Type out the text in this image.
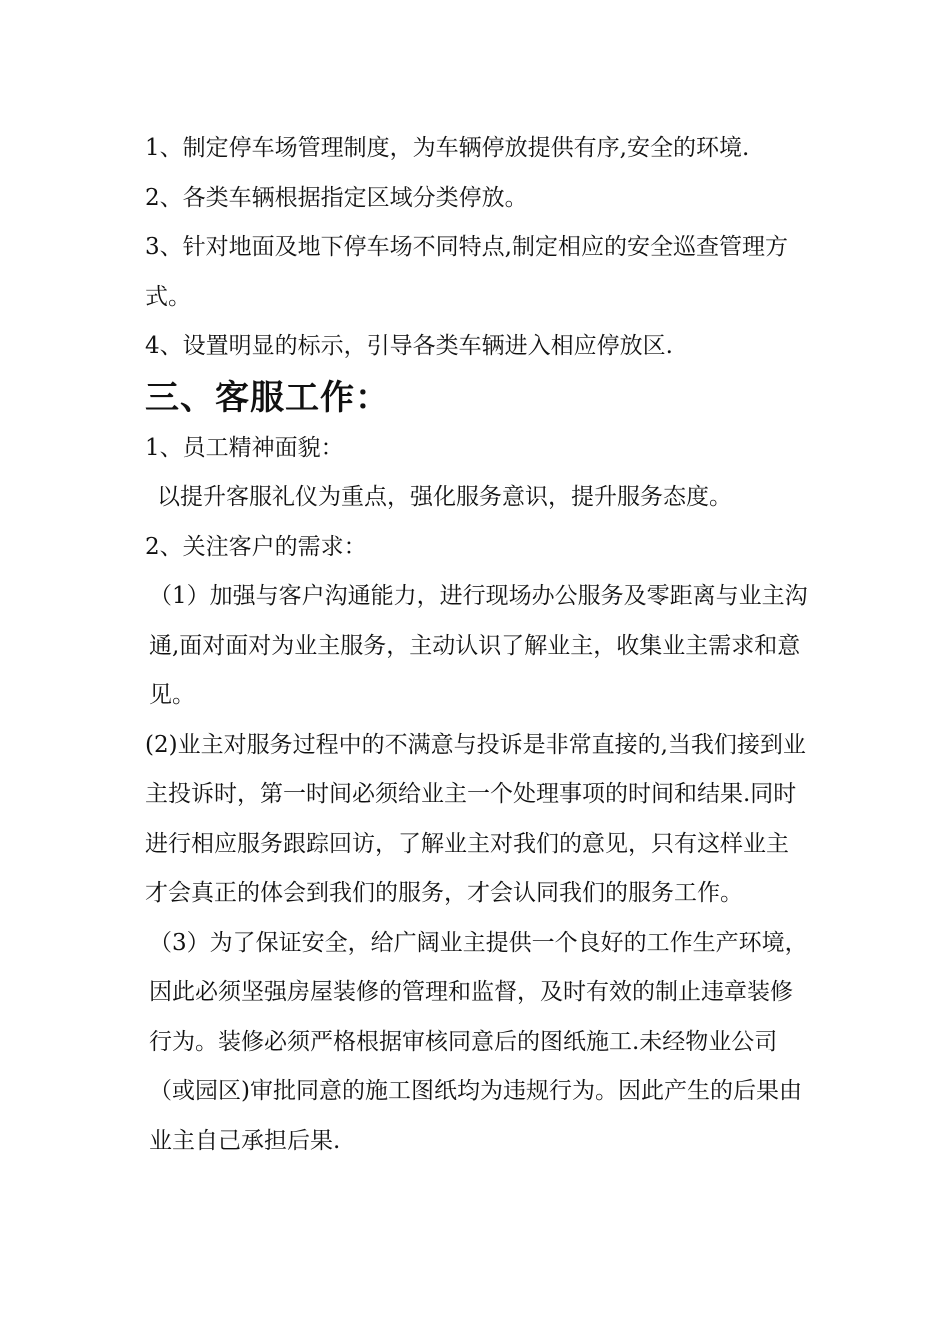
1、制定停车场管理制度，为车辆停放提供有序,安全的环境.

2、各类车辆根据指定区域分类停放。

3、针对地面及地下停车场不同特点,制定相应的安全巡查管理方式。

4、设置明显的标示，引导各类车辆进入相应停放区.

三、客服工作：

1、员工精神面貌：

以提升客服礼仪为重点，强化服务意识，提升服务态度。

2、关注客户的需求：

（1）加强与客户沟通能力，进行现场办公服务及零距离与业主沟通,面对面对为业主服务，主动认识了解业主，收集业主需求和意见。

(2)业主对服务过程中的不满意与投诉是非常直接的,当我们接到业主投诉时，第一时间必须给业主一个处理事项的时间和结果.同时进行相应服务跟踪回访，了解业主对我们的意见，只有这样业主才会真正的体会到我们的服务，才会认同我们的服务工作。

（3）为了保证安全，给广阔业主提供一个良好的工作生产环境，因此必须坚强房屋装修的管理和监督，及时有效的制止违章装修行为。装修必须严格根据审核同意后的图纸施工.未经物业公司（或园区)审批同意的施工图纸均为违规行为。因此产生的后果由业主自己承担后果.
